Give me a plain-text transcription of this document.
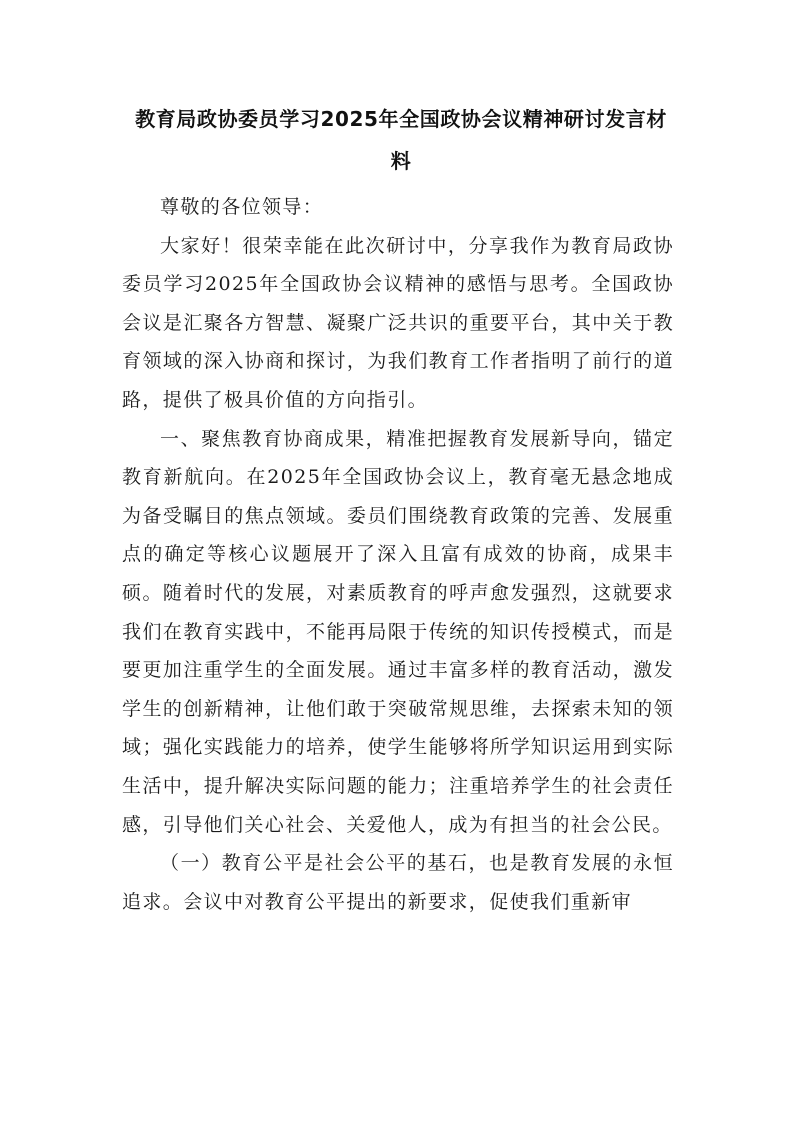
教育局政协委员学习2025年全国政协会议精神研讨发言材料

尊敬的各位领导：

大家好！很荣幸能在此次研讨中，分享我作为教育局政协委员学习2025年全国政协会议精神的感悟与思考。全国政协会议是汇聚各方智慧、凝聚广泛共识的重要平台，其中关于教育领域的深入协商和探讨，为我们教育工作者指明了前行的道路，提供了极具价值的方向指引。

一、聚焦教育协商成果，精准把握教育发展新导向，锚定教育新航向。在2025年全国政协会议上，教育毫无悬念地成为备受瞩目的焦点领域。委员们围绕教育政策的完善、发展重点的确定等核心议题展开了深入且富有成效的协商，成果丰硕。随着时代的发展，对素质教育的呼声愈发强烈，这就要求我们在教育实践中，不能再局限于传统的知识传授模式，而是要更加注重学生的全面发展。通过丰富多样的教育活动，激发学生的创新精神，让他们敢于突破常规思维，去探索未知的领域；强化实践能力的培养，使学生能够将所学知识运用到实际生活中，提升解决实际问题的能力；注重培养学生的社会责任感，引导他们关心社会、关爱他人，成为有担当的社会公民。

（一）教育公平是社会公平的基石，也是教育发展的永恒追求。会议中对教育公平提出的新要求，促使我们重新审
